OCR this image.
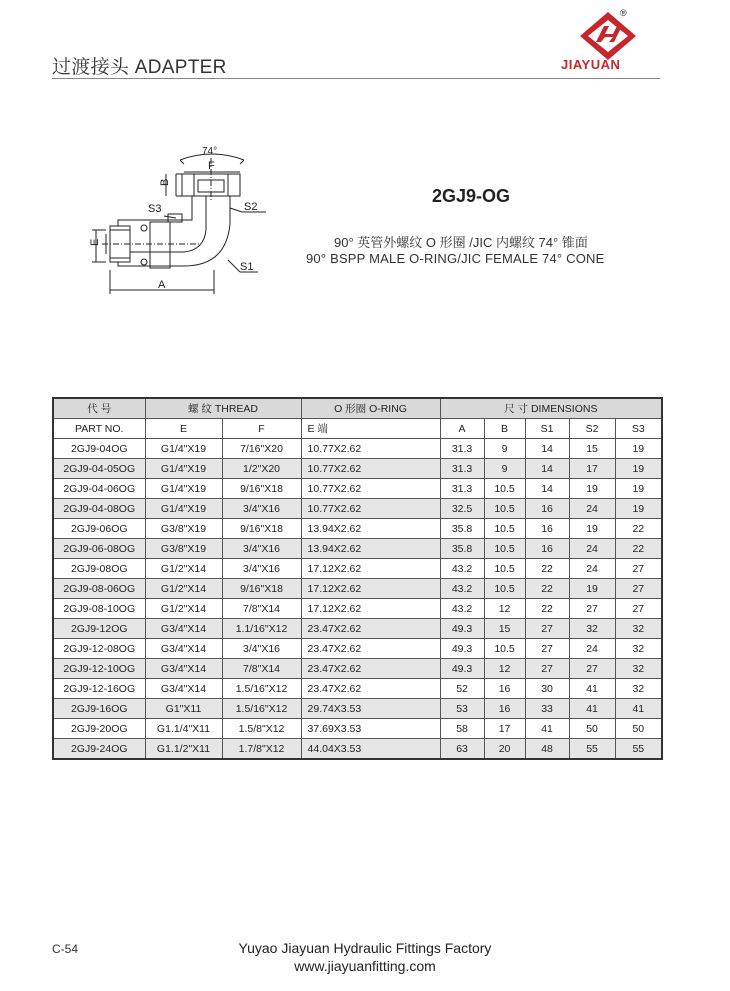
过渡接头 ADAPTER
®
JIAYUAN
74°
F
B
S3	S2
E
S1
A
2GJ9-OG
90° 英管外螺纹 O 形圈 /JIC 内螺纹 74° 锥面
90° BSPP MALE O-RING/JIC FEMALE 74° CONE
代 号	螺 纹 THREAD		O 形圈 O-RING		尺 寸 DIMENSIONS				
PART NO.	E	F	E 端		A	B	S1	S2	S3
2GJ9-04OG	G1/4"X19	7/16"X20	10.77X2.62		31.3	9	14	15	19
2GJ9-04-05OG	G1/4"X19	1/2"X20	10.77X2.62		31.3	9	14	17	19
2GJ9-04-06OG	G1/4"X19	9/16"X18	10.77X2.62		31.3	10.5	14	19	19
2GJ9-04-08OG	G1/4"X19	3/4"X16	10.77X2.62		32.5	10.5	16	24	19
2GJ9-06OG	G3/8"X19	9/16"X18	13.94X2.62		35.8	10.5	16	19	22
2GJ9-06-08OG	G3/8"X19	3/4"X16	13.94X2.62		35.8	10.5	16	24	22
2GJ9-08OG	G1/2"X14	3/4"X16	17.12X2.62		43.2	10.5	22	24	27
2GJ9-08-06OG	G1/2"X14	9/16"X18	17.12X2.62		43.2	10.5	22	19	27
2GJ9-08-10OG	G1/2"X14	7/8"X14	17.12X2.62		43.2	12	22	27	27
2GJ9-12OG	G3/4"X14	1.1/16"X12	23.47X2.62		49.3	15	27	32	32
2GJ9-12-08OG	G3/4"X14	3/4"X16	23.47X2.62		49.3	10.5	27	24	32
2GJ9-12-10OG	G3/4"X14	7/8"X14	23.47X2.62		49.3	12	27	27	32
2GJ9-12-16OG	G3/4"X14	1.5/16"X12	23.47X2.62		52	16	30	41	32
2GJ9-16OG	G1"X11	1.5/16"X12	29.74X3.53		53	16	33	41	41
2GJ9-20OG	G1.1/4"X11	1.5/8"X12	37.69X3.53		58	17	41	50	50
2GJ9-24OG	G1.1/2"X11	1.7/8"X12	44.04X3.53		63	20	48	55	55
C-54	Yuyao Jiayuan Hydraulic Fittings Factory
www.jiayuanfitting.com
